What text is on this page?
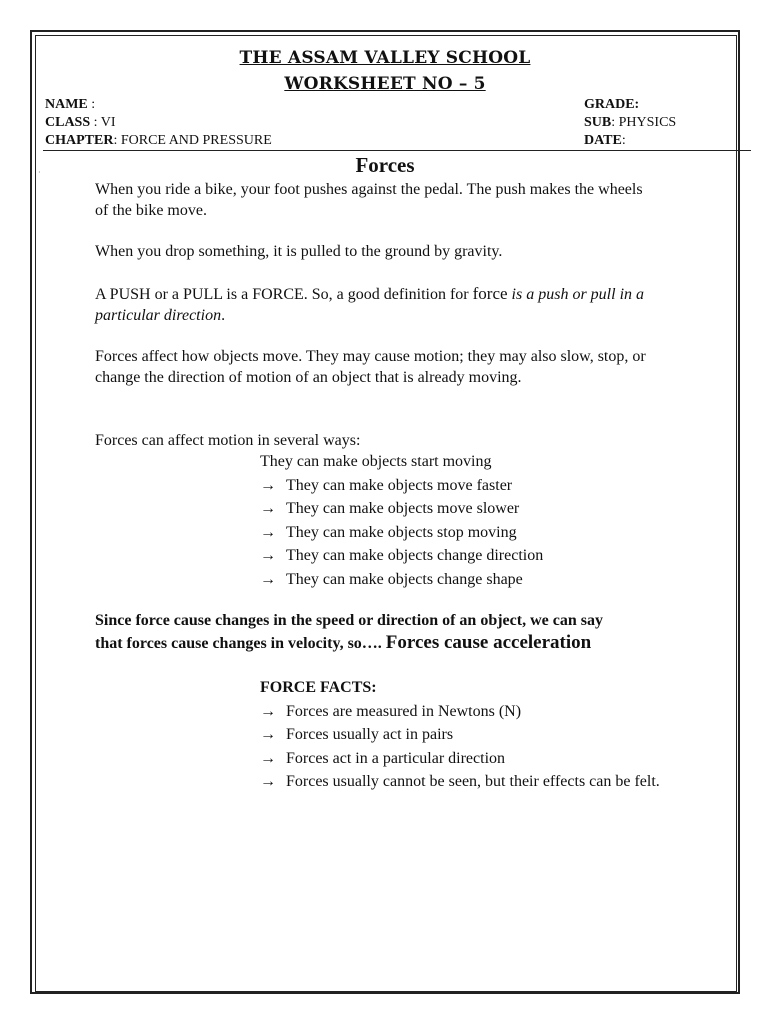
THE ASSAM VALLEY SCHOOL
WORKSHEET NO – 5
NAME :
CLASS : VI
CHAPTER: FORCE AND PRESSURE
GRADE:
SUB: PHYSICS
DATE:
·	Forces
When you ride a bike, your foot pushes against the pedal. The push makes the wheels of the bike move.
When you drop something, it is pulled to the ground by gravity.
A PUSH or a PULL is a FORCE. So, a good definition for force is a push or pull in a particular direction.
Forces affect how objects move. They may cause motion; they may also slow, stop, or change the direction of motion of an object that is already moving.
Forces can affect motion in several ways:
They can make objects start moving
→ They can make objects move faster
→ They can make objects move slower
→ They can make objects stop moving
→ They can make objects change direction
→ They can make objects change shape
Since force cause changes in the speed or direction of an object, we can say
that forces cause changes in velocity, so…. Forces cause acceleration
FORCE FACTS:
→ Forces are measured in Newtons (N)
→ Forces usually act in pairs
→ Forces act in a particular direction
→ Forces usually cannot be seen, but their effects can be felt.
